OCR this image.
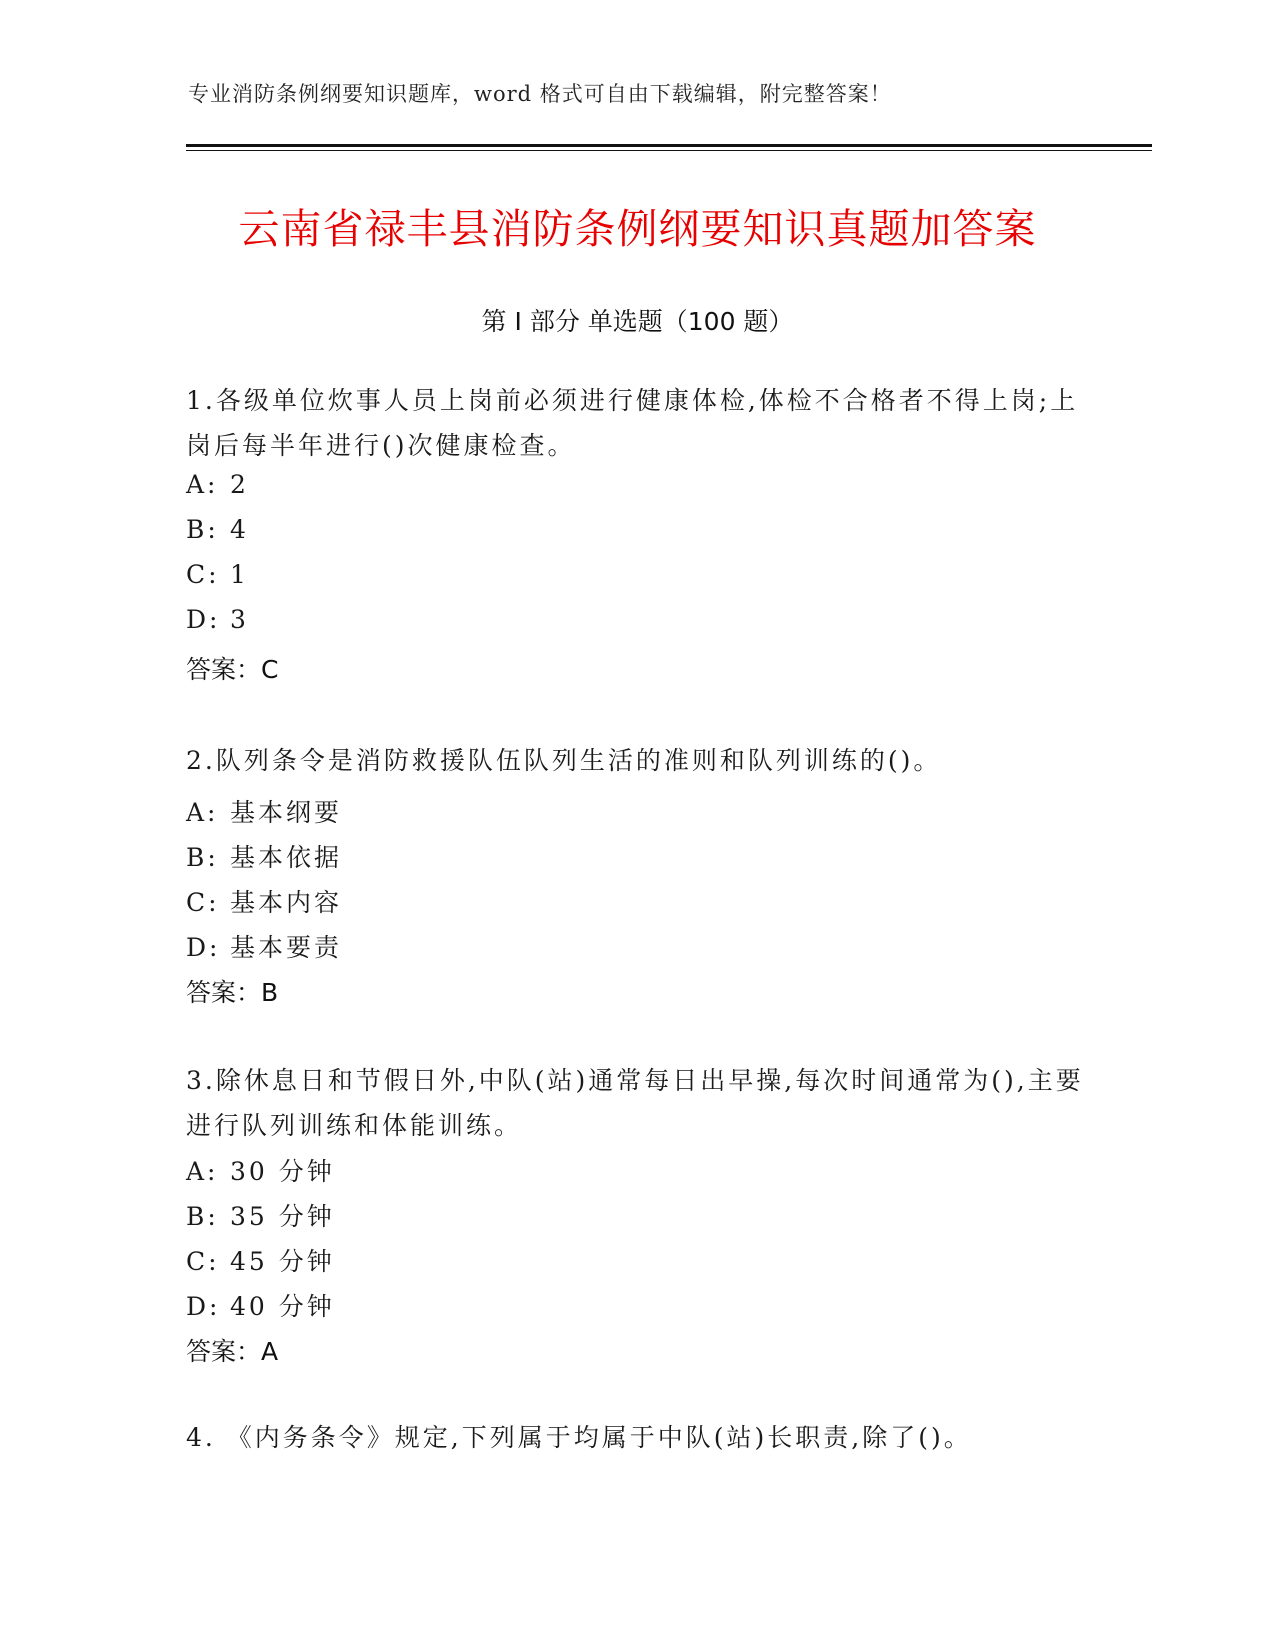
专业消防条例纲要知识题库，word 格式可自由下载编辑，附完整答案！
云南省禄丰县消防条例纲要知识真题加答案
第 I 部分 单选题（100 题）
1.各级单位炊事人员上岗前必须进行健康体检,体检不合格者不得上岗;上岗后每半年进行()次健康检查。
A: 2
B: 4
C: 1
D: 3
答案：C
2.队列条令是消防救援队伍队列生活的准则和队列训练的()。
A: 基本纲要
B: 基本依据
C: 基本内容
D: 基本要责
答案：B
3.除休息日和节假日外,中队(站)通常每日出早操,每次时间通常为(),主要进行队列训练和体能训练。
A: 30 分钟
B: 35 分钟
C: 45 分钟
D: 40 分钟
答案：A
4. 《内务条令》规定,下列属于均属于中队(站)长职责,除了()。
